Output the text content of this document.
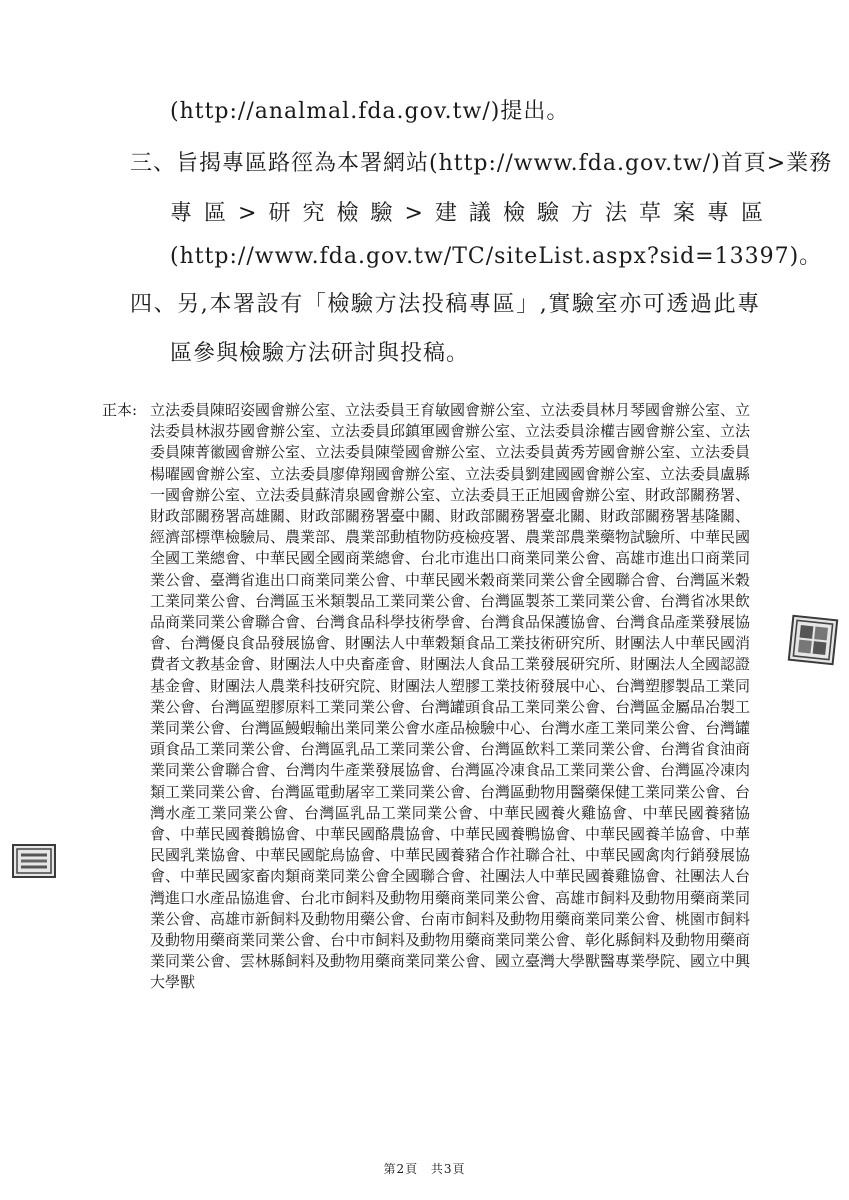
(http://analmal.fda.gov.tw/)提出。
三、旨揭專區路徑為本署網站(http://www.fda.gov.tw/)首頁>業務
專區>研究檢驗>建議檢驗方法草案專區
(http://www.fda.gov.tw/TC/siteList.aspx?sid=13397)。
四、另,本署設有「檢驗方法投稿專區」,實驗室亦可透過此專
區參與檢驗方法研討與投稿。
正本: 立法委員陳昭姿國會辦公室、立法委員王育敏國會辦公室、立法委員林月琴國會辦公室、立法委員林淑芬國會辦公室、立法委員邱鎮軍國會辦公室、立法委員涂權吉國會辦公室、立法委員陳菁徽國會辦公室、立法委員陳瑩國會辦公室、立法委員黃秀芳國會辦公室、立法委員楊曜國會辦公室、立法委員廖偉翔國會辦公室、立法委員劉建國國會辦公室、立法委員盧縣一國會辦公室、立法委員蘇清泉國會辦公室、立法委員王正旭國會辦公室、財政部關務署、財政部關務署高雄關、財政部關務署臺中關、財政部關務署臺北關、財政部關務署基隆關、經濟部標準檢驗局、農業部、農業部動植物防疫檢疫署、農業部農業藥物試驗所、中華民國全國工業總會、中華民國全國商業總會、台北市進出口商業同業公會、高雄市進出口商業同業公會、臺灣省進出口商業同業公會、中華民國米穀商業同業公會全國聯合會、台灣區米穀工業同業公會、台灣區玉米類製品工業同業公會、台灣區製茶工業同業公會、台灣省冰果飲品商業同業公會聯合會、台灣食品科學技術學會、台灣食品保護協會、台灣食品產業發展協會、台灣優良食品發展協會、財團法人中華穀類食品工業技術研究所、財團法人中華民國消費者文教基金會、財團法人中央畜產會、財團法人食品工業發展研究所、財團法人全國認證基金會、財團法人農業科技研究院、財團法人塑膠工業技術發展中心、台灣塑膠製品工業同業公會、台灣區塑膠原料工業同業公會、台灣罐頭食品工業同業公會、台灣區金屬品冶製工業同業公會、台灣區鰻蝦輸出業同業公會水產品檢驗中心、台灣水產工業同業公會、台灣罐頭食品工業同業公會、台灣區乳品工業同業公會、台灣區飲料工業同業公會、台灣省食油商業同業公會聯合會、台灣肉牛產業發展協會、台灣區冷凍食品工業同業公會、台灣區冷凍肉類工業同業公會、台灣區電動屠宰工業同業公會、台灣區動物用醫藥保健工業同業公會、台灣水產工業同業公會、台灣區乳品工業同業公會、中華民國養火雞協會、中華民國養豬協會、中華民國養鵝協會、中華民國酪農協會、中華民國養鴨協會、中華民國養羊協會、中華民國乳業協會、中華民國鴕鳥協會、中華民國養豬合作社聯合社、中華民國禽肉行銷發展協會、中華民國家畜肉類商業同業公會全國聯合會、社團法人中華民國養雞協會、社團法人台灣進口水產品協進會、台北市飼料及動物用藥商業同業公會、高雄市飼料及動物用藥商業同業公會、高雄市新飼料及動物用藥公會、台南市飼料及動物用藥商業同業公會、桃園市飼料及動物用藥商業同業公會、台中市飼料及動物用藥商業同業公會、彰化縣飼料及動物用藥商業同業公會、雲林縣飼料及動物用藥商業同業公會、國立臺灣大學獸醫專業學院、國立中興大學獸
第2頁 共3頁
